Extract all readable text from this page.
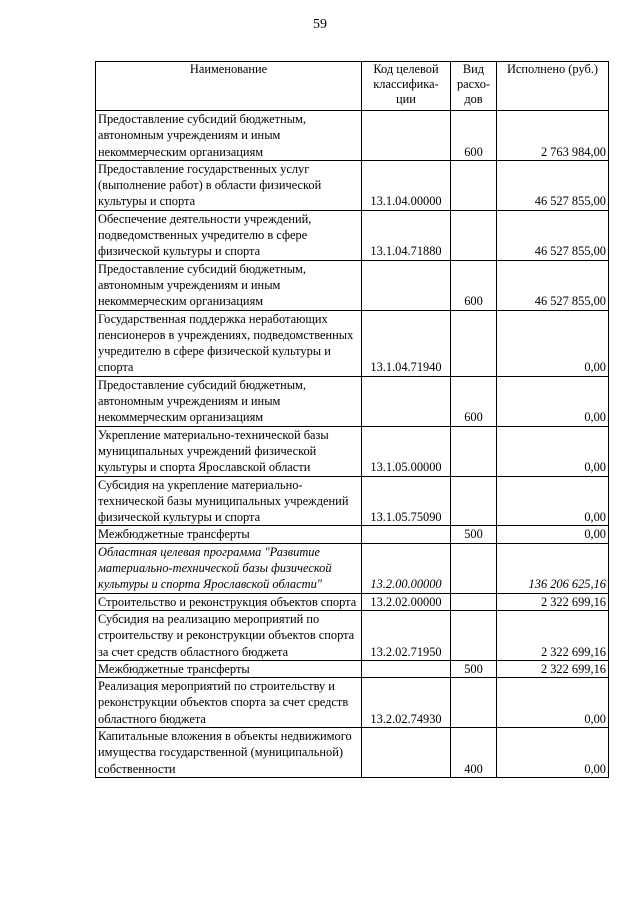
59
Наименование	Код целевой классифика-ции	Вид расхо-дов	Исполнено (руб.)
Предоставление субсидий бюджетным, автономным учреждениям и иным некоммерческим организациям		600	2 763 984,00
Предоставление государственных услуг (выполнение работ) в области физической культуры и спорта	13.1.04.00000		46 527 855,00
Обеспечение деятельности учреждений, подведомственных учредителю в сфере физической культуры и спорта	13.1.04.71880		46 527 855,00
Предоставление субсидий бюджетным, автономным учреждениям и иным некоммерческим организациям		600	46 527 855,00
Государственная поддержка неработающих пенсионеров в учреждениях, подведомственных учредителю в сфере физической культуры и спорта	13.1.04.71940		0,00
Предоставление субсидий бюджетным, автономным учреждениям и иным некоммерческим организациям		600	0,00
Укрепление материально-технической базы муниципальных учреждений физической культуры и спорта Ярославской области	13.1.05.00000		0,00
Субсидия на укрепление материально-технической базы муниципальных учреждений физической культуры и спорта	13.1.05.75090		0,00
Межбюджетные трансферты		500	0,00
Областная целевая программа "Развитие материально-технической базы физической культуры и спорта Ярославской области"	13.2.00.00000		136 206 625,16
Строительство и реконструкция объектов спорта	13.2.02.00000		2 322 699,16
Субсидия на реализацию мероприятий по строительству и реконструкции объектов спорта за счет средств областного бюджета	13.2.02.71950		2 322 699,16
Межбюджетные трансферты		500	2 322 699,16
Реализация мероприятий по строительству и реконструкции объектов спорта за счет средств областного бюджета	13.2.02.74930		0,00
Капитальные вложения в объекты недвижимого имущества государственной (муниципальной) собственности		400	0,00
